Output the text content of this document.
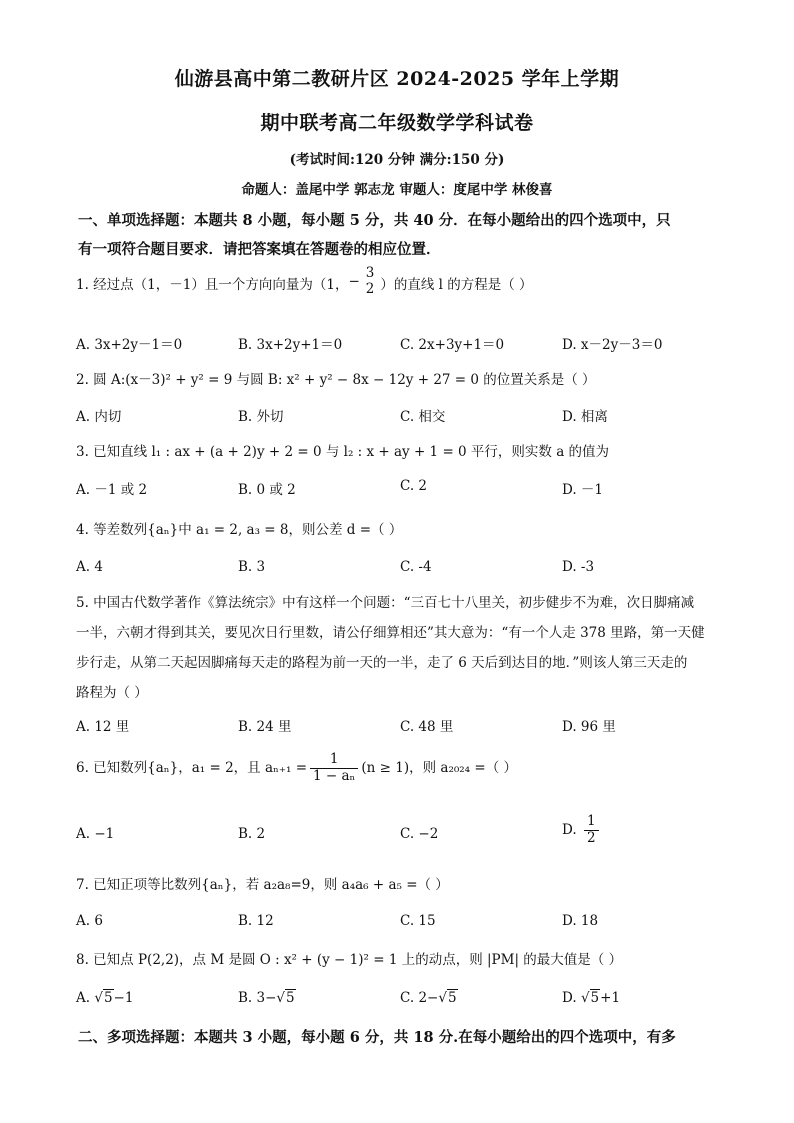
仙游县高中第二教研片区 2024-2025 学年上学期
期中联考高二年级数学学科试卷
(考试时间:120 分钟 满分:150 分)
命题人：盖尾中学 郭志龙 审题人：度尾中学 林俊喜
一、单项选择题：本题共 8 小题，每小题 5 分，共 40 分．在每小题给出的四个选项中，只
有一项符合题目要求．请把答案填在答题卷的相应位置．
1. 经过点（1，－1）且一个方向向量为（1，−
3
2 ）的直线 l 的方程是（ ）
A. 3x+2y－1＝0	B. 3x+2y+1＝0	C. 2x+3y+1＝0	D. x－2y－3＝0
2. 圆 A:(x－3)² + y² = 9 与圆 B: x² + y² − 8x − 12y + 27 = 0 的位置关系是（ ）
A. 内切	B. 外切	C. 相交	D. 相离
3. 已知直线 l₁ : ax + (a + 2)y + 2 = 0 与 l₂ : x + ay + 1 = 0 平行，则实数 a 的值为
A. －1 或 2	B. 0 或 2	C. 2	D. －1
4. 等差数列{aₙ}中 a₁ = 2, a₃ = 8，则公差 d =（ ）
A. 4	B. 3	C. -4	D. -3
5. 中国古代数学著作《算法统宗》中有这样一个问题：“三百七十八里关，初步健步不为难，次日脚痛减
一半，六朝才得到其关，要见次日行里数，请公仔细算相还”其大意为：“有一个人走 378 里路，第一天健
步行走，从第二天起因脚痛每天走的路程为前一天的一半，走了 6 天后到达目的地．”则该人第三天走的
路程为（ ）
A. 12 里	B. 24 里	C. 48 里	D. 96 里
6. 已知数列{aₙ}，a₁ = 2，且 $a_{n+1} = \frac{1}{\text{1 − aₙ}} (n \ge 1)$，则 a₂₀₂₄ =（ ）
A. −1	B. 2	C. −2	D. $\frac{1}{2}$
7. 已知正项等比数列{aₙ}，若 a₂a₈=9，则 a₄a₆ + a₅ =（ ）
A. 6	B. 12	C. 15	D. 18
8. 已知点 P(2,2)，点 M 是圆 O : x² + (y − 1)² = 1 上的动点，则 |PM| 的最大值是（ ）
A. √5−1	B. 3−√5	C. 2−√5	D. √5+1
二、多项选择题：本题共 3 小题，每小题 6 分，共 18 分.在每小题给出的四个选项中，有多
